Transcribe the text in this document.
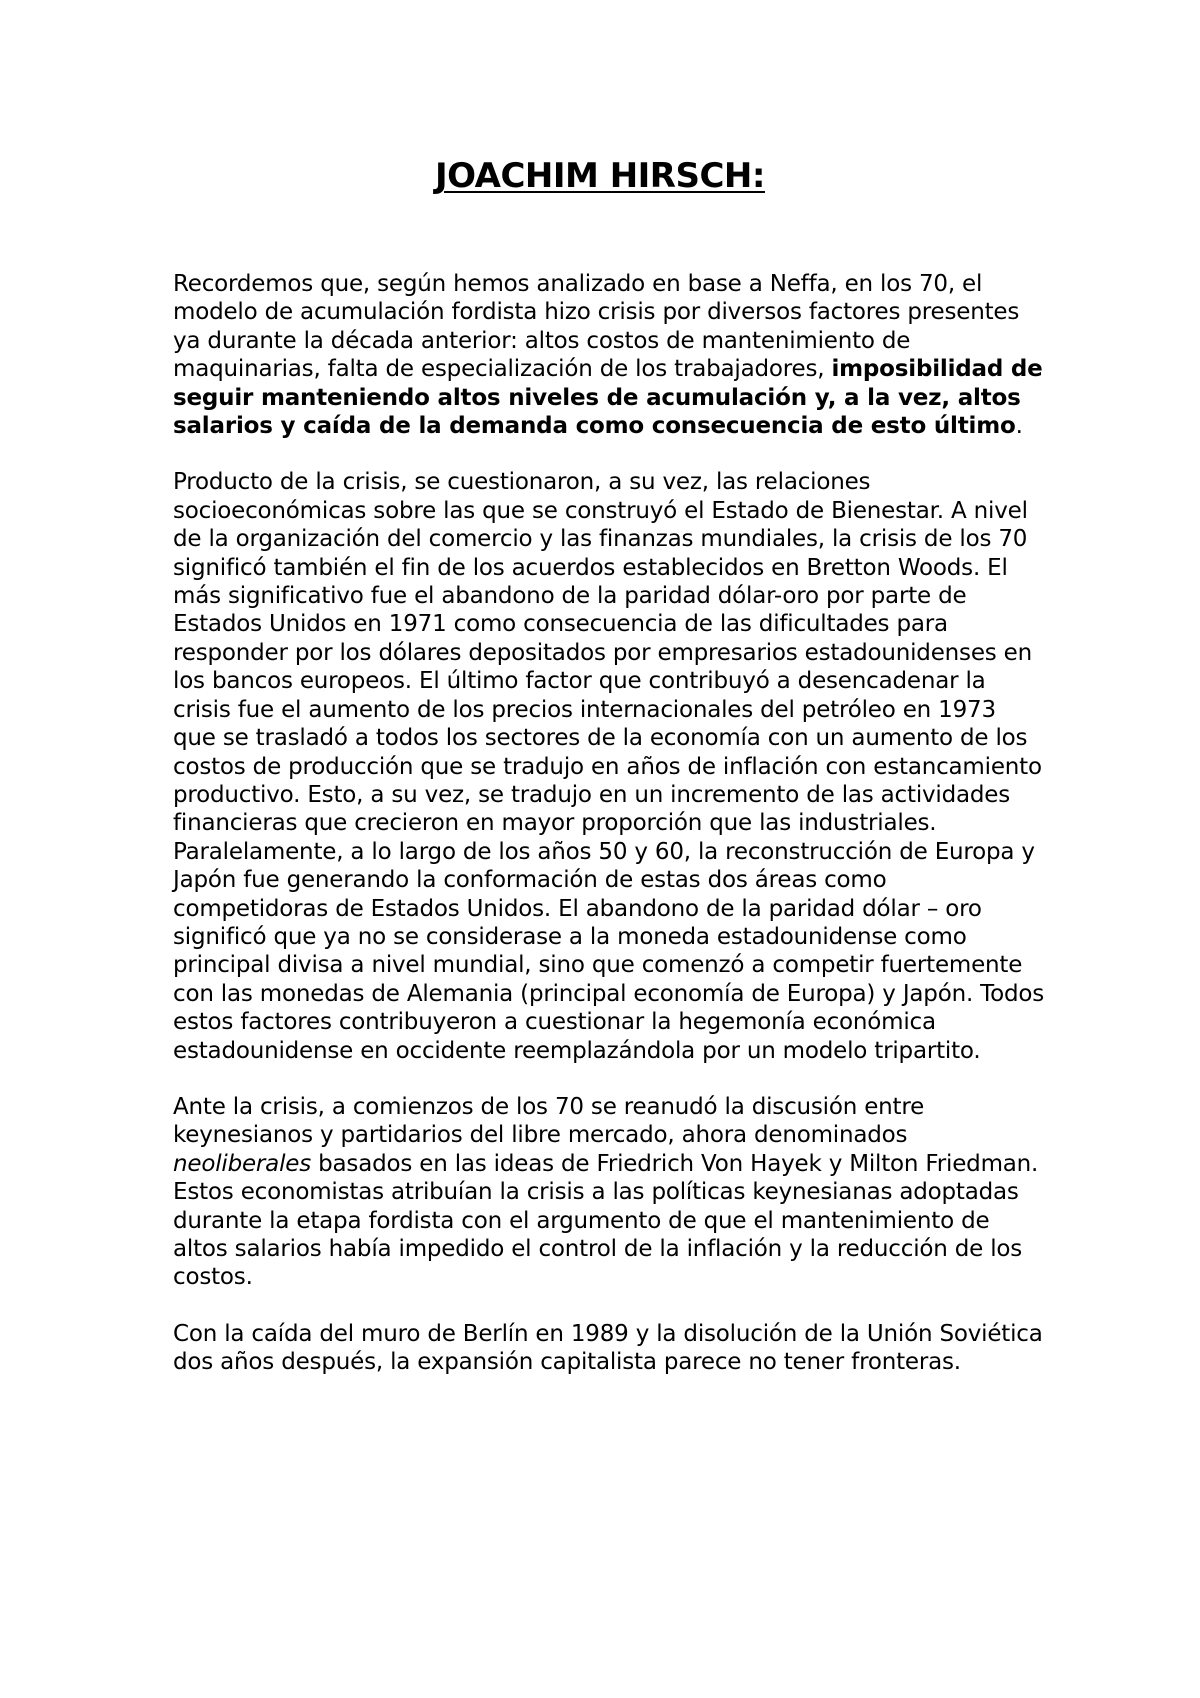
JOACHIM HIRSCH:

Recordemos que, según hemos analizado en base a Neffa, en los 70, el modelo de acumulación fordista hizo crisis por diversos factores presentes ya durante la década anterior: altos costos de mantenimiento de maquinarias, falta de especialización de los trabajadores, imposibilidad de seguir manteniendo altos niveles de acumulación y, a la vez, altos salarios y caída de la demanda como consecuencia de esto último.

Producto de la crisis, se cuestionaron, a su vez, las relaciones socioeconómicas sobre las que se construyó el Estado de Bienestar. A nivel de la organización del comercio y las finanzas mundiales, la crisis de los 70 significó también el fin de los acuerdos establecidos en Bretton Woods. El más significativo fue el abandono de la paridad dólar-oro por parte de Estados Unidos en 1971 como consecuencia de las dificultades para responder por los dólares depositados por empresarios estadounidenses en los bancos europeos. El último factor que contribuyó a desencadenar la crisis fue el aumento de los precios internacionales del petróleo en 1973 que se trasladó a todos los sectores de la economía con un aumento de los costos de producción que se tradujo en años de inflación con estancamiento productivo. Esto, a su vez, se tradujo en un incremento de las actividades financieras que crecieron en mayor proporción que las industriales. Paralelamente, a lo largo de los años 50 y 60, la reconstrucción de Europa y Japón fue generando la conformación de estas dos áreas como competidoras de Estados Unidos. El abandono de la paridad dólar – oro significó que ya no se considerase a la moneda estadounidense como principal divisa a nivel mundial, sino que comenzó a competir fuertemente con las monedas de Alemania (principal economía de Europa) y Japón. Todos estos factores contribuyeron a cuestionar la hegemonía económica estadounidense en occidente reemplazándola por un modelo tripartito.

Ante la crisis, a comienzos de los 70 se reanudó la discusión entre keynesianos y partidarios del libre mercado, ahora denominados neoliberales basados en las ideas de Friedrich Von Hayek y Milton Friedman. Estos economistas atribuían la crisis a las políticas keynesianas adoptadas durante la etapa fordista con el argumento de que el mantenimiento de altos salarios había impedido el control de la inflación y la reducción de los costos.

Con la caída del muro de Berlín en 1989 y la disolución de la Unión Soviética dos años después, la expansión capitalista parece no tener fronteras.
